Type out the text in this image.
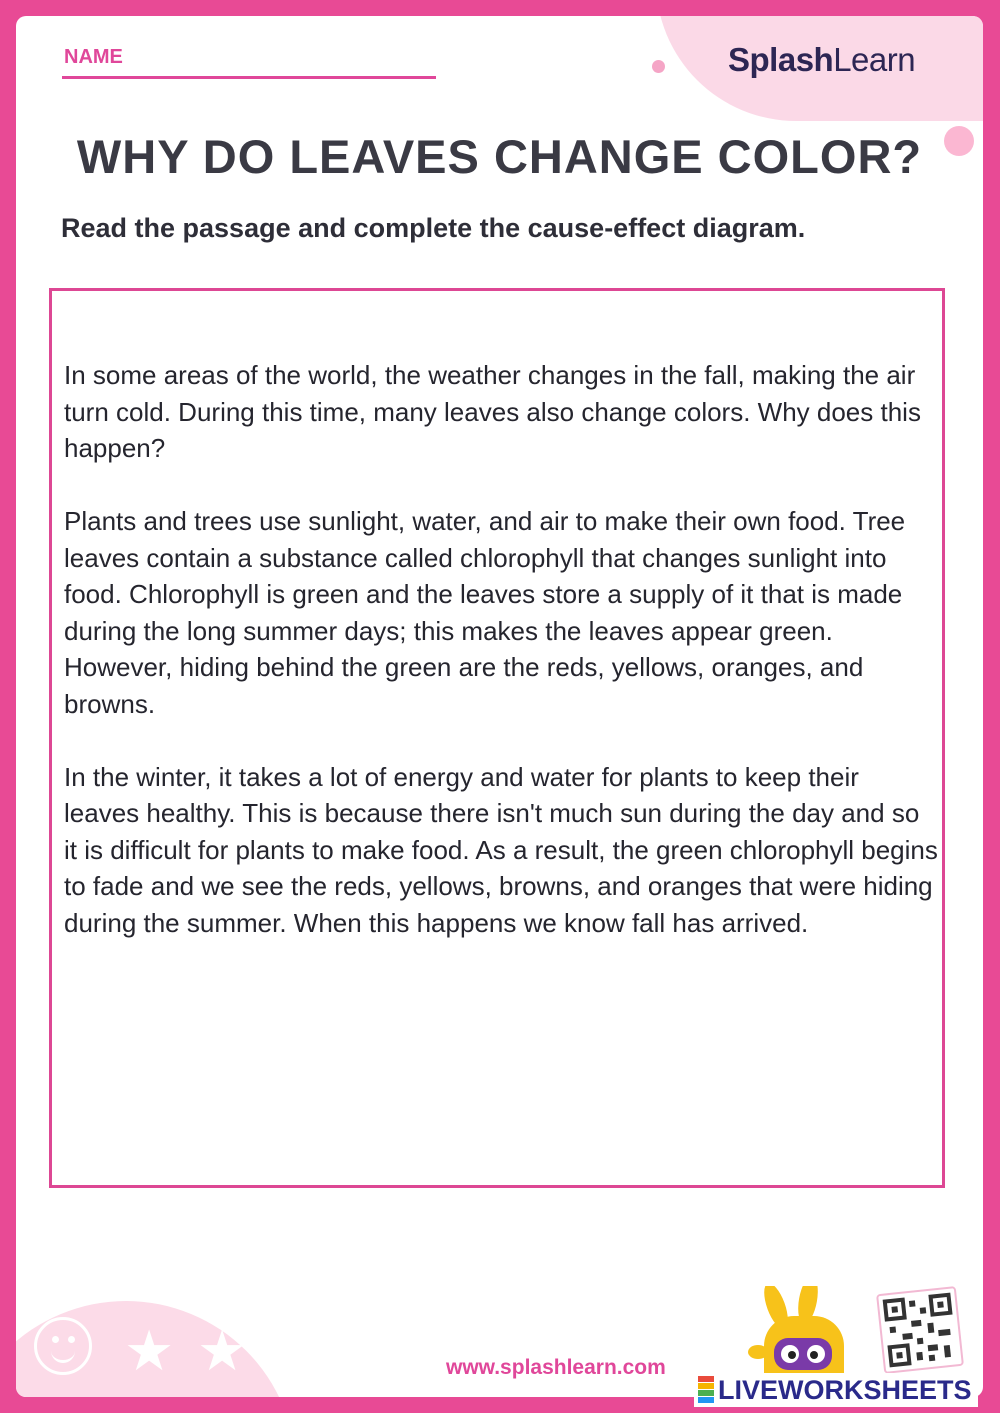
SplashLearn
NAME
WHY DO LEAVES CHANGE COLOR?
Read the passage and complete the cause-effect diagram.

In some areas of the world, the weather changes in the fall, making the air turn cold. During this time, many leaves also change colors. Why does this happen?

Plants and trees use sunlight, water, and air to make their own food. Tree leaves contain a substance called chlorophyll that changes sunlight into food. Chlorophyll is green and the leaves store a supply of it that is made during the long summer days; this makes the leaves appear green. However, hiding behind the green are the reds, yellows, oranges, and browns.

In the winter, it takes a lot of energy and water for plants to keep their leaves healthy. This is because there isn't much sun during the day and so it is difficult for plants to make food. As a result, the green chlorophyll begins to fade and we see the reds, yellows, browns, and oranges that were hiding during the summer. When this happens we know fall has arrived.

★ ★ ★	www.splashlearn.com
LIVEWORKSHEETS
